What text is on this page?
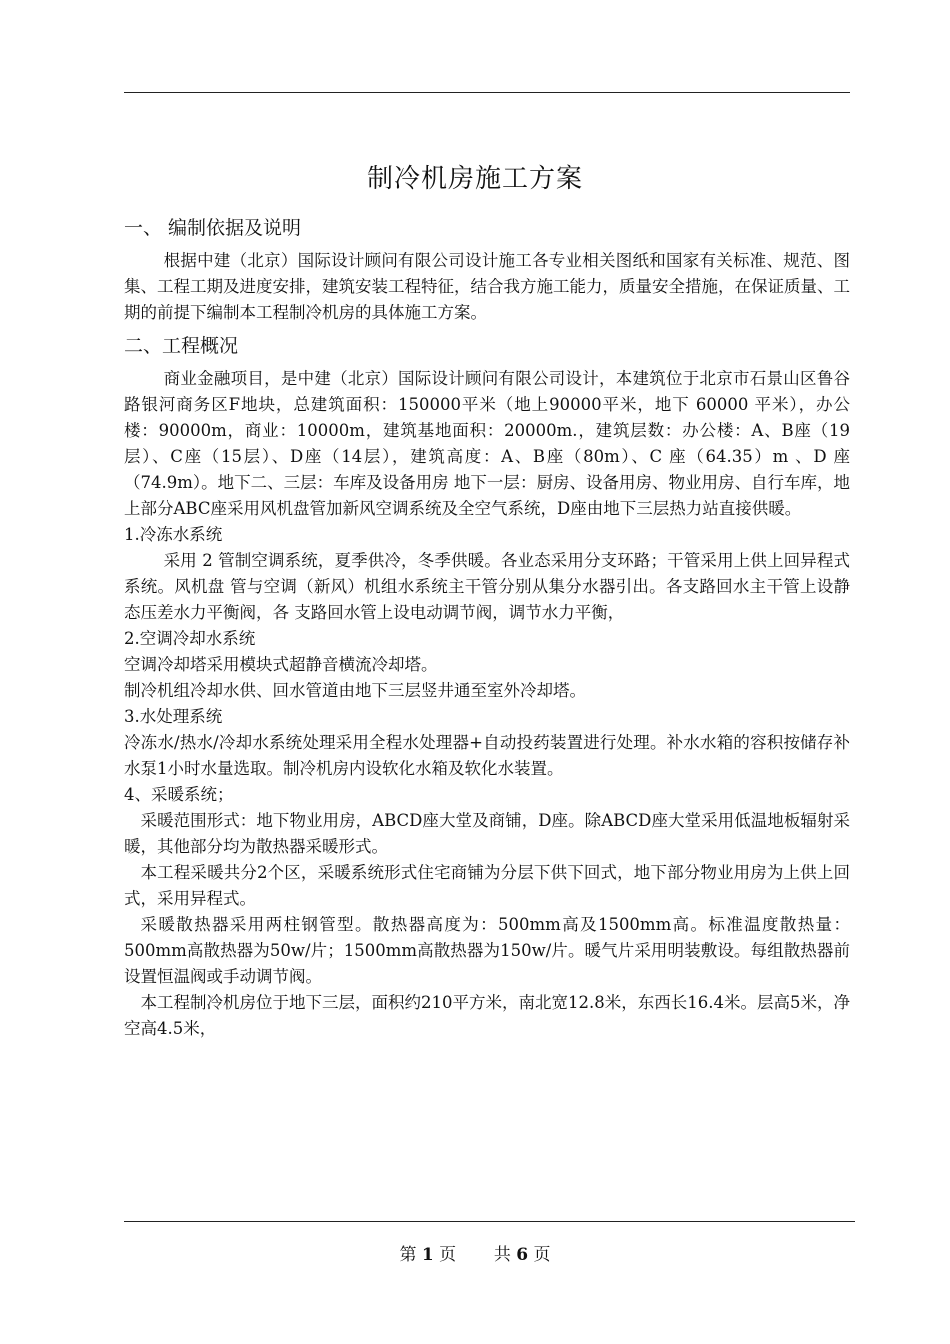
制冷机房施工方案
一、 编制依据及说明

根据中建（北京）国际设计顾问有限公司设计施工各专业相关图纸和国家有关标准、规范、图集、工程工期及进度安排，建筑安装工程特征，结合我方施工能力，质量安全措施，在保证质量、工期的前提下编制本工程制冷机房的具体施工方案。

二、工程概况

商业金融项目，是中建（北京）国际设计顾问有限公司设计，本建筑位于北京市石景山区鲁谷路银河商务区F地块，总建筑面积：150000平米（地上90000平米，地下 60000 平米），办公楼：90000m，商业：10000m，建筑基地面积：20000m.，建筑层数：办公楼：A、B座（19层）、C座（15层）、D座（14层），建筑高度：A、B座（80m）、C 座（64.35）m 、D 座（74.9m）。地下二、三层：车库及设备用房 地下一层：厨房、设备用房、物业用房、自行车库，地上部分ABC座采用风机盘管加新风空调系统及全空气系统，D座由地下三层热力站直接供暖。

1.冷冻水系统

采用 2 管制空调系统，夏季供冷，冬季供暖。各业态采用分支环路；干管采用上供上回异程式系统。风机盘 管与空调（新风）机组水系统主干管分别从集分水器引出。各支路回水主干管上设静态压差水力平衡阀，各 支路回水管上设电动调节阀，调节水力平衡，

2.空调冷却水系统

空调冷却塔采用模块式超静音横流冷却塔。

制冷机组冷却水供、回水管道由地下三层竖井通至室外冷却塔。

3.水处理系统

冷冻水/热水/冷却水系统处理采用全程水处理器+自动投药装置进行处理。补水水箱的容积按储存补水泵1小时水量选取。制冷机房内设软化水箱及软化水装置。

4、采暖系统；

采暖范围形式：地下物业用房，ABCD座大堂及商铺，D座。除ABCD座大堂采用低温地板辐射采暖，其他部分均为散热器采暖形式。

本工程采暖共分2个区，采暖系统形式住宅商铺为分层下供下回式，地下部分物业用房为上供上回式，采用异程式。

采暖散热器采用两柱钢管型。散热器高度为：500mm高及1500mm高。标准温度散热量：500mm高散热器为50w/片；1500mm高散热器为150w/片。暖气片采用明装敷设。每组散热器前设置恒温阀或手动调节阀。

本工程制冷机房位于地下三层，面积约210平方米，南北宽12.8米，东西长16.4米。层高5米，净空高4.5米，

第 1 页 共 6 页
